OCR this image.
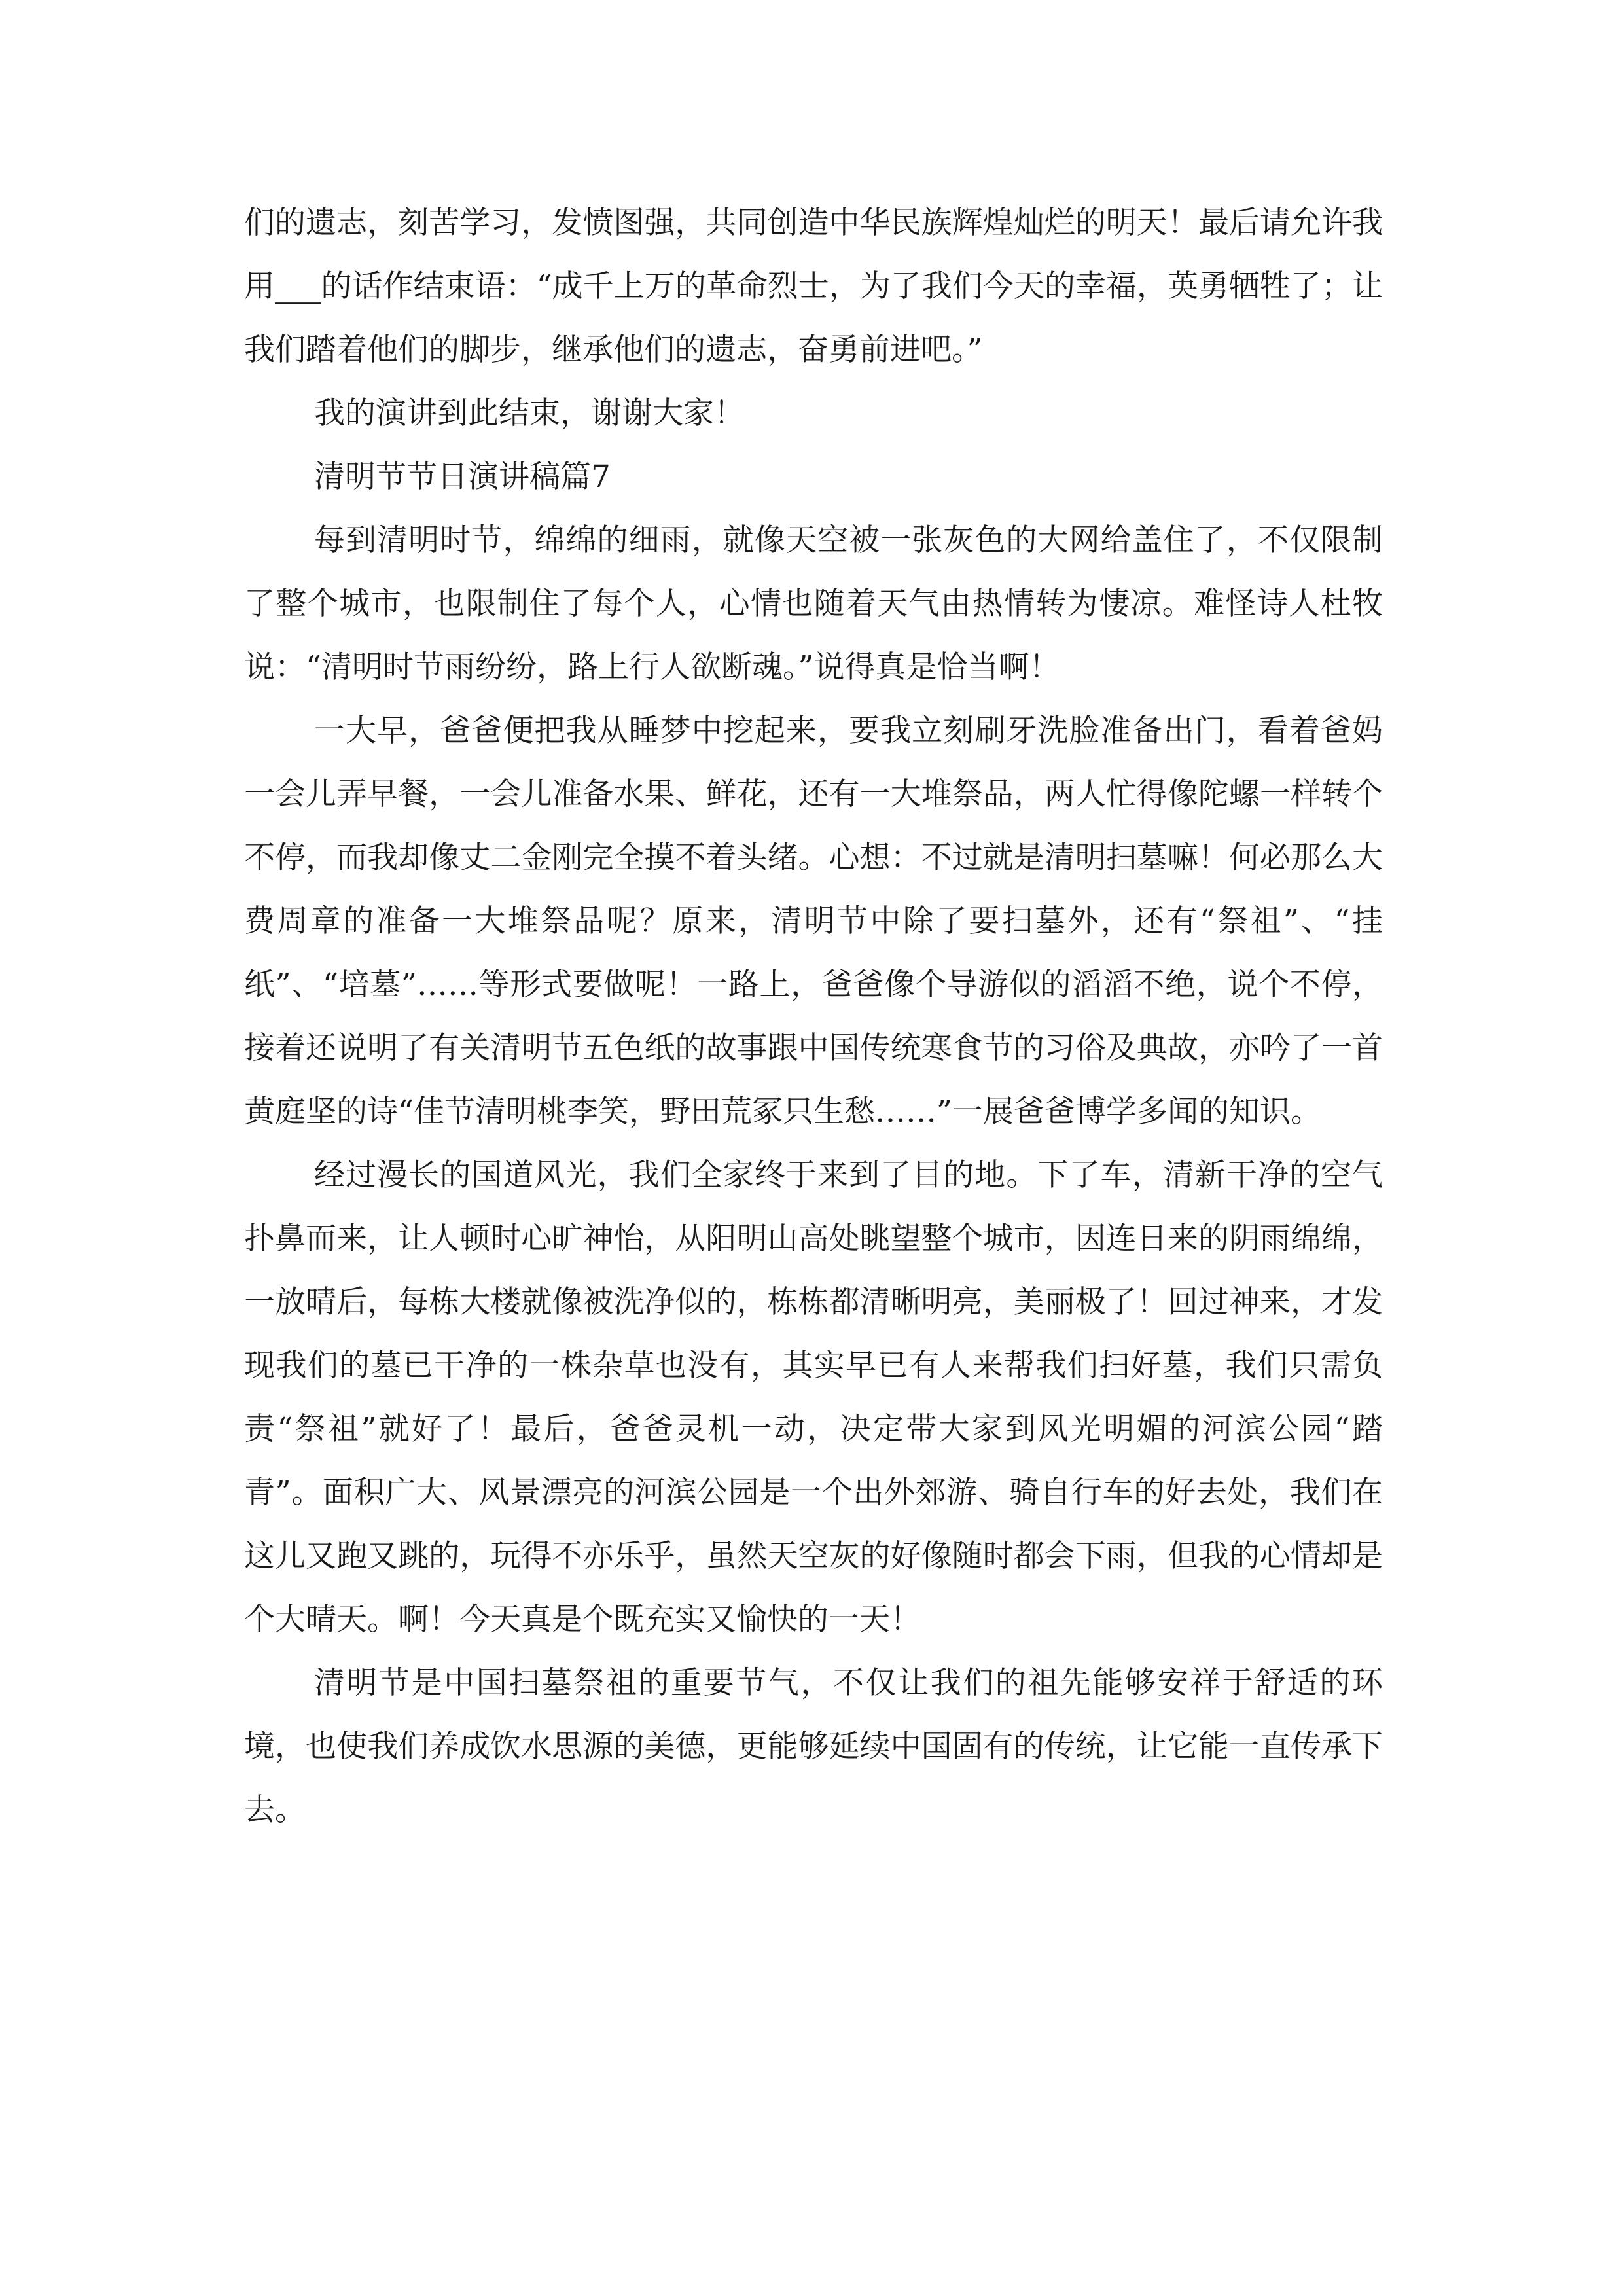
们的遗志，刻苦学习，发愤图强，共同创造中华民族辉煌灿烂的明天！最后请允许我用___的话作结束语：“成千上万的革命烈士，为了我们今天的幸福，英勇牺牲了；让我们踏着他们的脚步，继承他们的遗志，奋勇前进吧。”

我的演讲到此结束，谢谢大家！

清明节节日演讲稿篇7

每到清明时节，绵绵的细雨，就像天空被一张灰色的大网给盖住了，不仅限制了整个城市，也限制住了每个人，心情也随着天气由热情转为悽凉。难怪诗人杜牧说：“清明时节雨纷纷，路上行人欲断魂。”说得真是恰当啊！

一大早，爸爸便把我从睡梦中挖起来，要我立刻刷牙洗脸准备出门，看着爸妈一会儿弄早餐，一会儿准备水果、鲜花，还有一大堆祭品，两人忙得像陀螺一样转个不停，而我却像丈二金刚完全摸不着头绪。心想：不过就是清明扫墓嘛！何必那么大费周章的准备一大堆祭品呢？原来，清明节中除了要扫墓外，还有“祭祖”、“挂纸”、“培墓”……等形式要做呢！一路上，爸爸像个导游似的滔滔不绝，说个不停，接着还说明了有关清明节五色纸的故事跟中国传统寒食节的习俗及典故，亦吟了一首黄庭坚的诗“佳节清明桃李笑，野田荒冢只生愁……”一展爸爸博学多闻的知识。

经过漫长的国道风光，我们全家终于来到了目的地。下了车，清新干净的空气扑鼻而来，让人顿时心旷神怡，从阳明山高处眺望整个城市，因连日来的阴雨绵绵，一放晴后，每栋大楼就像被洗净似的，栋栋都清晰明亮，美丽极了！回过神来，才发现我们的墓已干净的一株杂草也没有，其实早已有人来帮我们扫好墓，我们只需负责“祭祖”就好了！最后，爸爸灵机一动，决定带大家到风光明媚的河滨公园“踏青”。面积广大、风景漂亮的河滨公园是一个出外郊游、骑自行车的好去处，我们在这儿又跑又跳的，玩得不亦乐乎，虽然天空灰的好像随时都会下雨，但我的心情却是个大晴天。啊！今天真是个既充实又愉快的一天！

清明节是中国扫墓祭祖的重要节气，不仅让我们的祖先能够安祥于舒适的环境，也使我们养成饮水思源的美德，更能够延续中国固有的传统，让它能一直传承下去。
